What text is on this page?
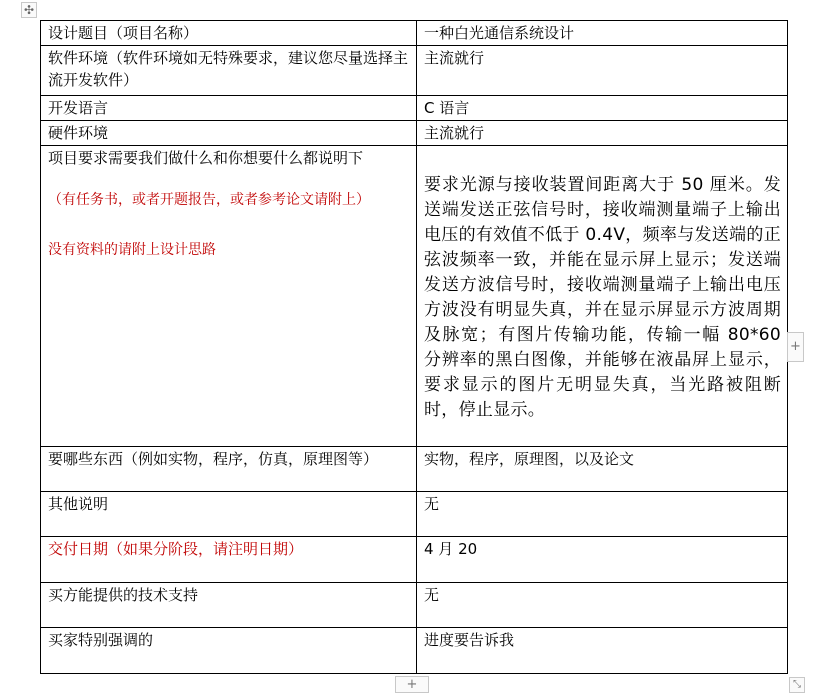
✣
设计题目（项目名称）	一种白光通信系统设计
软件环境（软件环境如无特殊要求，建议您尽量选择主流开发软件）	主流就行
开发语言	C 语言
硬件环境	主流就行

项目要求需要我们做什么和你想要什么都说明下
（有任务书，或者开题报告，或者参考论文请附上）
没有资料的请附上设计思路	要求光源与接收装置间距离大于 50 厘米。发送端发送正弦信号时，接收端测量端子上输出电压的有效值不低于 0.4V，频率与发送端的正弦波频率一致，并能在显示屏上显示；发送端发送方波信号时，接收端测量端子上输出电压方波没有明显失真，并在显示屏显示方波周期及脉宽；有图片传输功能，传输一幅 80*60 分辨率的黑白图像，并能够在液晶屏上显示，要求显示的图片无明显失真，当光路被阻断时，停止显示。

要哪些东西（例如实物，程序，仿真，原理图等）	实物，程序，原理图，以及论文
其他说明	无
交付日期（如果分阶段，请注明日期）	4 月 20
买方能提供的技术支持	无
买家特别强调的	进度要告诉我
+
+	⤡
